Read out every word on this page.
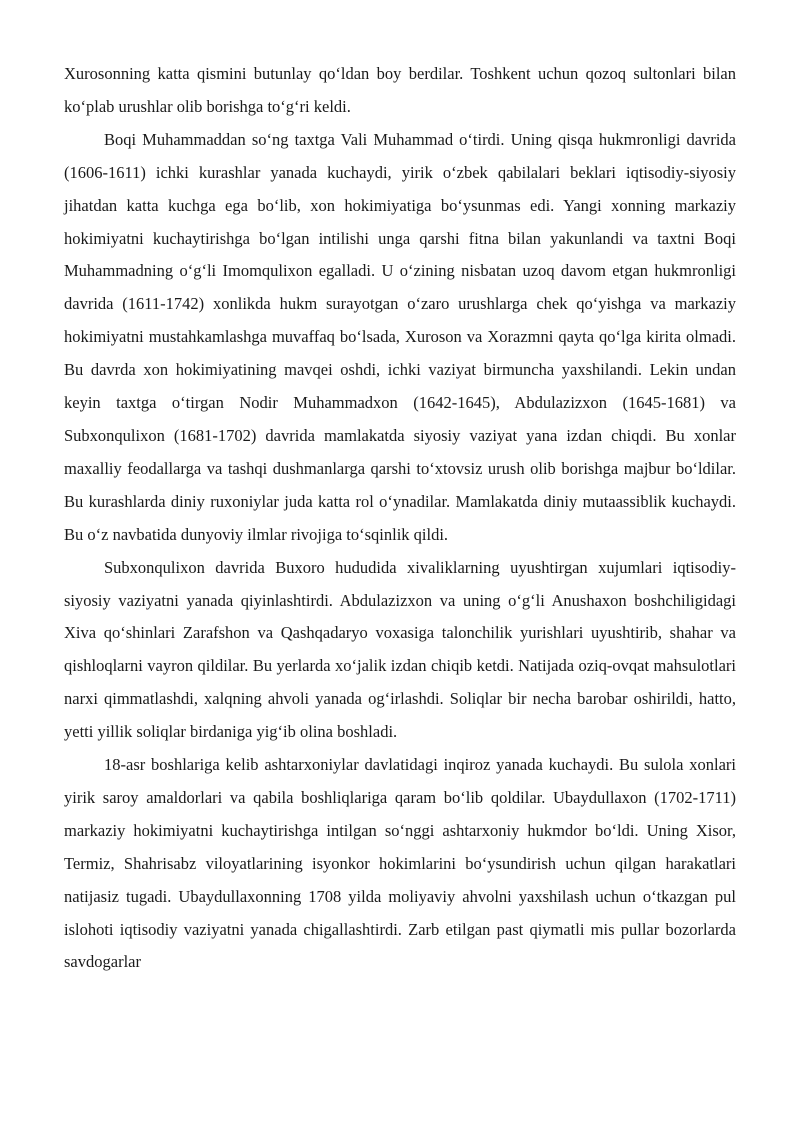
Xurosonning katta qismini butunlay qo‘ldan boy berdilar. Toshkent uchun qozoq sultonlari bilan ko‘plab urushlar olib borishga to‘g‘ri keldi.

Boqi Muhammaddan so‘ng taxtga Vali Muhammad o‘tirdi. Uning qisqa hukmronligi davrida (1606-1611) ichki kurashlar yanada kuchaydi, yirik o‘zbek qabilalari beklari iqtisodiy-siyosiy jihatdan katta kuchga ega bo‘lib, xon hokimiyatiga bo‘ysunmas edi. Yangi xonning markaziy hokimiyatni kuchaytirishga bo‘lgan intilishi unga qarshi fitna bilan yakunlandi va taxtni Boqi Muhammadning o‘g‘li Imomqulixon egalladi. U o‘zining nisbatan uzoq davom etgan hukmronligi davrida (1611-1742) xonlikda hukm surayotgan o‘zaro urushlarga chek qo‘yishga va markaziy hokimiyatni mustahkamlashga muvaffaq bo‘lsada, Xuroson va Xorazmni qayta qo‘lga kirita olmadi. Bu davrda xon hokimiyatining mavqei oshdi, ichki vaziyat birmuncha yaxshilandi. Lekin undan keyin taxtga o‘tirgan Nodir Muhammadxon (1642-1645), Abdulazizxon (1645-1681) va Subxonqulixon (1681-1702) davrida mamlakatda siyosiy vaziyat yana izdan chiqdi. Bu xonlar maxalliy feodallarga va tashqi dushmanlarga qarshi to‘xtovsiz urush olib borishga majbur bo‘ldilar. Bu kurashlarda diniy ruxoniylar juda katta rol o‘ynadilar. Mamlakatda diniy mutaassiblik kuchaydi. Bu o‘z navbatida dunyoviy ilmlar rivojiga to‘sqinlik qildi.

Subxonqulixon davrida Buxoro hududida xivaliklarning uyushtirgan xujumlari iqtisodiy-siyosiy vaziyatni yanada qiyinlashtirdi. Abdulazizxon va uning o‘g‘li Anushaxon boshchiligidagi Xiva qo‘shinlari Zarafshon va Qashqadaryo voxasiga talonchilik yurishlari uyushtirib, shahar va qishloqlarni vayron qildilar. Bu yerlarda xo‘jalik izdan chiqib ketdi. Natijada oziq-ovqat mahsulotlari narxi qimmatlashdi, xalqning ahvoli yanada og‘irlashdi. Soliqlar bir necha barobar oshirildi, hatto, yetti yillik soliqlar birdaniga yig‘ib olina boshladi.

18-asr boshlariga kelib ashtarxoniylar davlatidagi inqiroz yanada kuchaydi. Bu sulola xonlari yirik saroy amaldorlari va qabila boshliqlariga qaram bo‘lib qoldilar. Ubaydullaxon (1702-1711) markaziy hokimiyatni kuchaytirishga intilgan so‘nggi ashtarxoniy hukmdor bo‘ldi. Uning Xisor, Termiz, Shahrisabz viloyatlarining isyonkor hokimlarini bo‘ysundirish uchun qilgan harakatlari natijasiz tugadi. Ubaydullaxonning 1708 yilda moliyaviy ahvolni yaxshilash uchun o‘tkazgan pul islohoti iqtisodiy vaziyatni yanada chigallashtirdi. Zarb etilgan past qiymatli mis pullar bozorlarda savdogarlar
